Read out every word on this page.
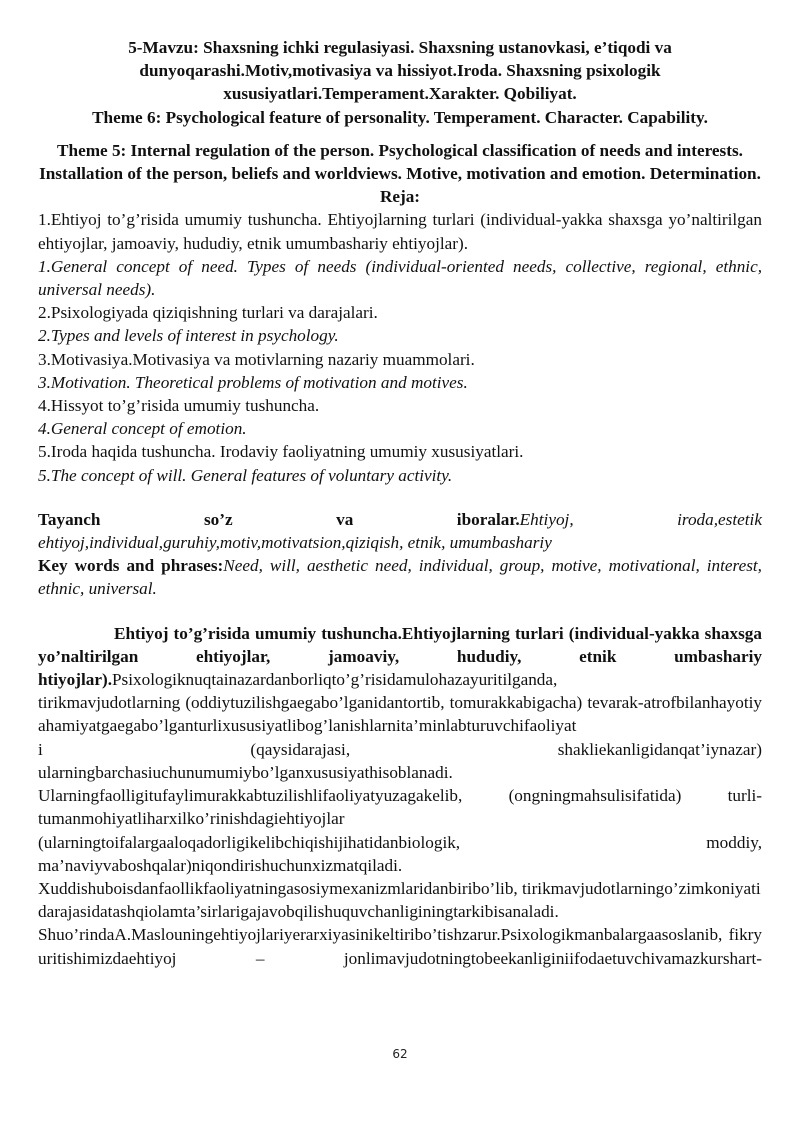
5-Mavzu: Shaxsning ichki regulasiyasi. Shaxsning ustanovkasi, e’tiqodi va dunyoqarashi.Motiv,motivasiya va hissiyot.Iroda. Shaxsning psixologik xususiyatlari.Temperament.Xarakter. Qobiliyat.

Theme 6: Psychological feature of personality. Temperament. Character. Capability.

Theme 5: Internal regulation of the person. Psychological classification of needs and interests. Installation of the person, beliefs and worldviews. Motive, motivation and emotion. Determination.

Reja:

1.Ehtiyoj to’g’risida umumiy tushuncha. Ehtiyojlarning turlari (individual-yakka shaxsga yo’naltirilgan ehtiyojlar, jamoaviy, hududiy, etnik umumbashariy ehtiyojlar).

1.General concept of need. Types of needs (individual-oriented needs, collective, regional, ethnic, universal needs).

2.Psixologiyada qiziqishning turlari va darajalari.

2.Types and levels of interest in psychology.

3.Motivasiya.Motivasiya va motivlarning nazariy muammolari.

3.Motivation. Theoretical problems of motivation and motives.

4.Hissyot to’g’risida umumiy tushuncha.

4.General concept of emotion.

5.Iroda haqida tushuncha. Irodaviy faoliyatning umumiy xususiyatlari.

5.The concept of will. General features of voluntary activity.

Tayanch	so’z	va	iboralar.Ehtiyoj,	iroda,estetik

ehtiyoj,individual,guruhiy,motiv,motivatsion,qiziqish, etnik, umumbashariy

Key words and phrases:Need, will, aesthetic need, individual, group, motive, motivational, interest, ethnic, universal.

Ehtiyoj to’g’risida umumiy tushuncha.Ehtiyojlarning turlari (individual-yakka shaxsga yo’naltirilgan ehtiyojlar, jamoaviy, hududiy, etnik umbashariy htiyojlar).Psixologiknuqtainazardanborliqto’g’risidamulohazayuritilganda,

tirikmavjudotlarning (oddiytuzilishgaegabo’lganidantortib, tomurakkabigacha) tevarak-atrofbilanhayotiyahamiyatgaegabo’lganturlixususiyatlibog’lanishlarnita’minlabturuvchifaoliyat

i	(qaysidarajasi,	shakliekanligidanqat’iynazar)

ularningbarchasiuchunumumiybo’lganxususiyathisoblanadi.

Ularningfaolligitufaylimurakkabtuzilishlifaoliyatyuzagakelib, (ongningmahsulisifatida) turli-tumanmohiyatliharxilko’rinishdagiehtiyojlar

(ularningtoifalargaaloqadorligikelibchiqishijihatidanbiologik,	moddiy,

ma’naviyvaboshqalar)niqondirishuchunxizmatqiladi.

Xuddishuboisdanfaollikfaoliyatningasosiymexanizmlaridanbiribo’lib, tirikmavjudotlarningo’zimkoniyatidarajasidatashqiolamta’sirlarigajavobqilishuquvchanliginingtarkibisanaladi.

Shuo’rindaA.Maslouningehtiyojlariyerarxiyasinikeltiribo’tishzarur.Psixologikmanbalargaasoslanib, fikryuritishimizdaehtiyoj – jonlimavjudotningtobeekanliginiifodaetuvchivamazkurshart-

62
